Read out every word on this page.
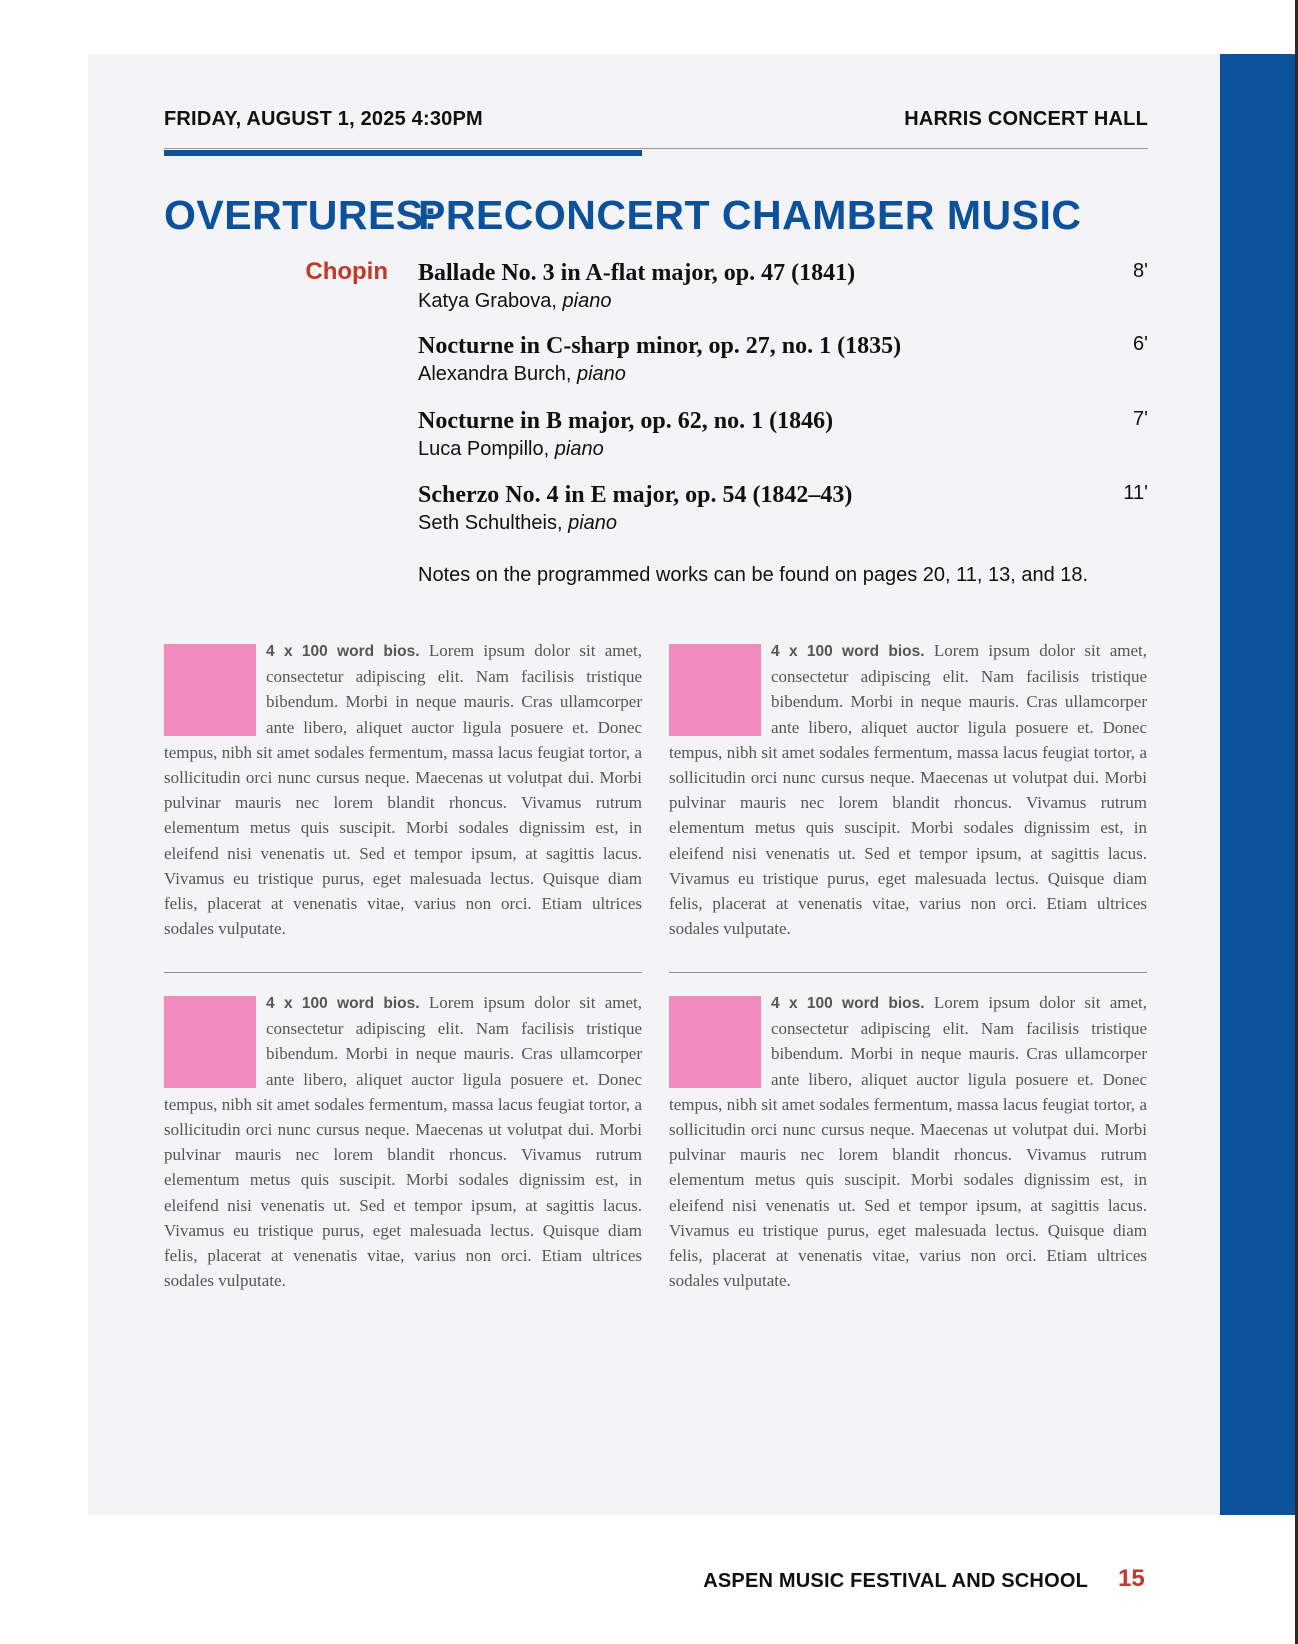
FRIDAY, AUGUST 1, 2025 4:30PM	HARRIS CONCERT HALL
OVERTURES:
PRECONCERT CHAMBER MUSIC
Chopin Ballade No. 3 in A-flat major, op. 47 (1841)
Katya Grabova, piano
8'
Nocturne in C-sharp minor, op. 27, no. 1 (1835)
Alexandra Burch, piano
6'
Nocturne in B major, op. 62, no. 1 (1846)
Luca Pompillo, piano
7'
Scherzo No. 4 in E major, op. 54 (1842–43)
Seth Schultheis, piano
11'
Notes on the programmed works can be found on pages 20, 11, 13, and 18.
4 x 100 word bios. Lorem ipsum dolor sit amet, consectetur adipiscing elit. Nam facilisis tristique bibendum. Morbi in neque mauris. Cras ullamcorper ante libero, aliquet auctor ligula posuere et. Donec tempus, nibh sit amet sodales fermentum, massa lacus feugiat tortor, a sollicitudin orci nunc cursus neque. Maecenas ut volutpat dui. Morbi pulvinar mauris nec lorem blandit rhoncus. Vivamus rutrum elementum metus quis suscipit. Morbi sodales dignissim est, in eleifend nisi venenatis ut. Sed et tempor ipsum, at sagittis lacus. Vivamus eu tristique purus, eget malesuada lectus. Quisque diam felis, placerat at venenatis vitae, varius non orci. Etiam ultrices sodales vulputate.
4 x 100 word bios. Lorem ipsum dolor sit amet, consectetur adipiscing elit. Nam facilisis tristique bibendum. Morbi in neque mauris. Cras ullamcorper ante libero, aliquet auctor ligula posuere et. Donec tempus, nibh sit amet sodales fermentum, massa lacus feugiat tortor, a sollicitudin orci nunc cursus neque. Maecenas ut volutpat dui. Morbi pulvinar mauris nec lorem blandit rhoncus. Vivamus rutrum elementum metus quis suscipit. Morbi sodales dignissim est, in eleifend nisi venenatis ut. Sed et tempor ipsum, at sagittis lacus. Vivamus eu tristique purus, eget malesuada lectus. Quisque diam felis, placerat at venenatis vitae, varius non orci. Etiam ultrices sodales vulputate.
4 x 100 word bios. Lorem ipsum dolor sit amet, consectetur adipiscing elit. Nam facilisis tristique bibendum. Morbi in neque mauris. Cras ullamcorper ante libero, aliquet auctor ligula posuere et. Donec tempus, nibh sit amet sodales fermentum, massa lacus feugiat tortor, a sollicitudin orci nunc cursus neque. Maecenas ut volutpat dui. Morbi pulvinar mauris nec lorem blandit rhoncus. Vivamus rutrum elementum metus quis suscipit. Morbi sodales dignissim est, in eleifend nisi venenatis ut. Sed et tempor ipsum, at sagittis lacus. Vivamus eu tristique purus, eget malesuada lectus. Quisque diam felis, placerat at venenatis vitae, varius non orci. Etiam ultrices sodales vulputate.
4 x 100 word bios. Lorem ipsum dolor sit amet, consectetur adipiscing elit. Nam facilisis tristique bibendum. Morbi in neque mauris. Cras ullamcorper ante libero, aliquet auctor ligula posuere et. Donec tempus, nibh sit amet sodales fermentum, massa lacus feugiat tortor, a sollicitudin orci nunc cursus neque. Maecenas ut volutpat dui. Morbi pulvinar mauris nec lorem blandit rhoncus. Vivamus rutrum elementum metus quis suscipit. Morbi sodales dignissim est, in eleifend nisi venenatis ut. Sed et tempor ipsum, at sagittis lacus. Vivamus eu tristique purus, eget malesuada lectus. Quisque diam felis, placerat at venenatis vitae, varius non orci. Etiam ultrices sodales vulputate.
ASPEN MUSIC FESTIVAL AND SCHOOL 15
